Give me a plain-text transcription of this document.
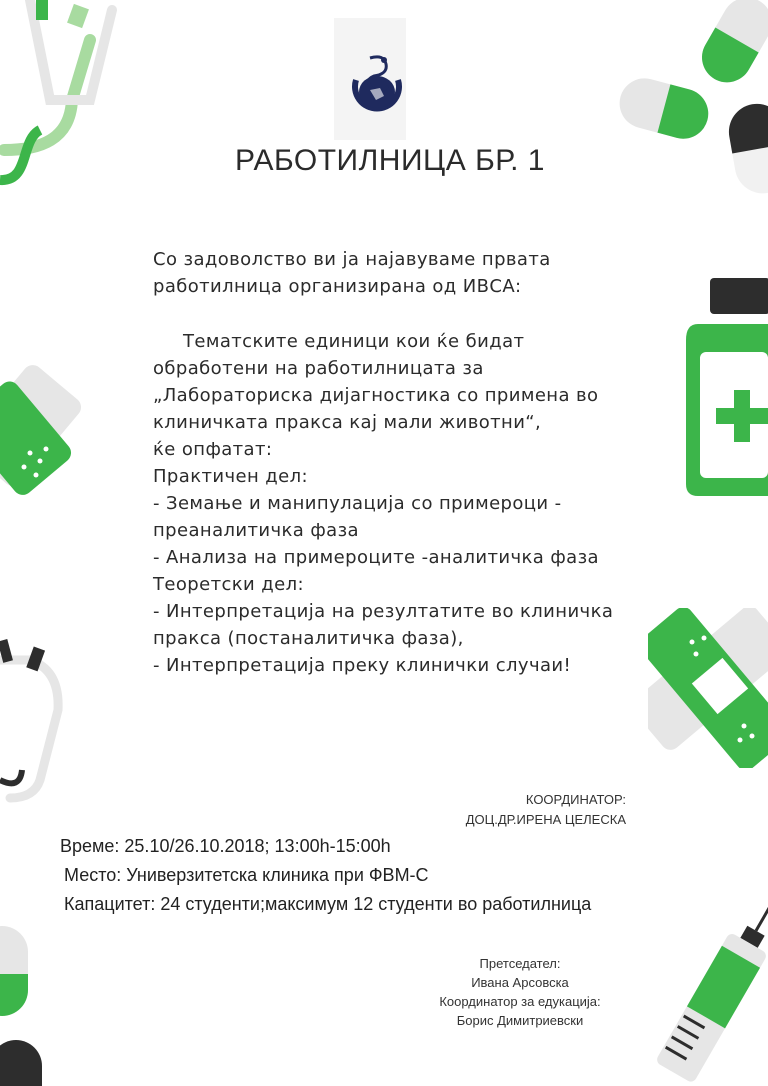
РАБОТИЛНИЦА БР. 1
Со задоволство ви ја најавуваме првата
работилница организирана од ИВСА:
Тематските единици кои ќе бидат
обработени на работилницата за
„Лабораториска дијагностика со примена во
клиничката пракса кај мали животни“,
ќе опфатат:
Практичен дел:
- Земање и манипулација со примероци -
преаналитичка фаза
- Анализа на примероците -аналитичка фаза
Теоретски дел:
- Интерпретација на резултатите во клиничка
пракса (постаналитичка фаза),
- Интерпретација преку клинички случаи!
КООРДИНАТОР:
ДОЦ.ДР.ИРЕНА ЦЕЛЕСКА
Време: 25.10/26.10.2018; 13:00h-15:00h
Место: Универзитетска клиника при ФВМ-С
Капацитет: 24 студенти;максимум 12 студенти во работилница
Претседател:
Ивана Арсовска
Координатор за едукација:
Борис Димитриевски
